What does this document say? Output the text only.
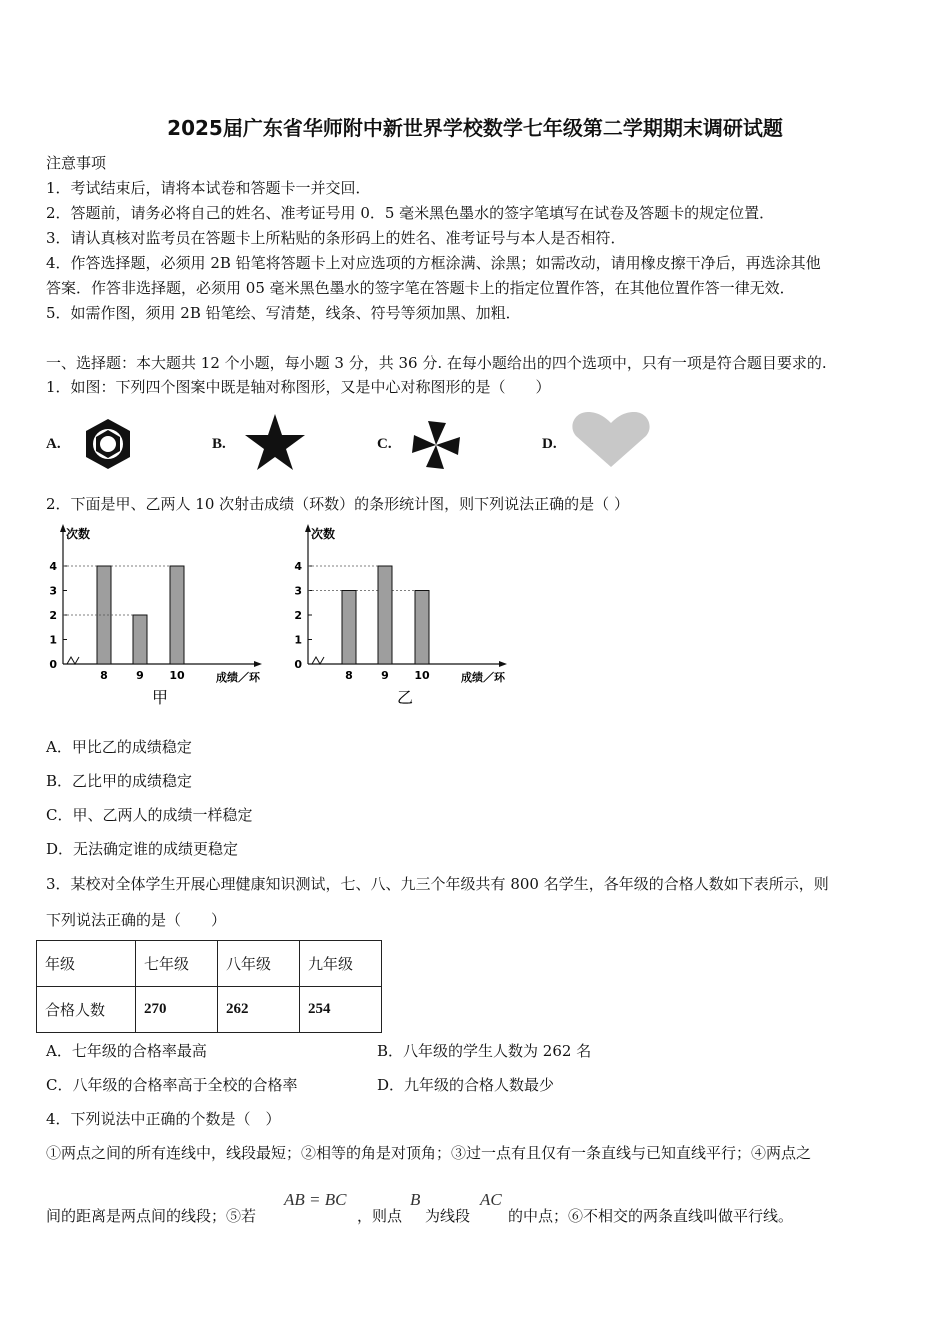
2025届广东省华师附中新世界学校数学七年级第二学期期末调研试题
注意事项
1．考试结束后，请将本试卷和答题卡一并交回．
2．答题前，请务必将自己的姓名、准考证号用 0．5 毫米黑色墨水的签字笔填写在试卷及答题卡的规定位置．
3．请认真核对监考员在答题卡上所粘贴的条形码上的姓名、准考证号与本人是否相符．
4．作答选择题，必须用 2B 铅笔将答题卡上对应选项的方框涂满、涂黑；如需改动，请用橡皮擦干净后，再选涂其他
答案．作答非选择题，必须用 05 毫米黑色墨水的签字笔在答题卡上的指定位置作答，在其他位置作答一律无效．
5．如需作图，须用 2B 铅笔绘、写清楚，线条、符号等须加黑、加粗．
一、选择题：本大题共 12 个小题，每小题 3 分，共 36 分. 在每小题给出的四个选项中，只有一项是符合题目要求的.
1．如图：下列四个图案中既是轴对称图形，又是中心对称图形的是（　　）
A.	B.	C.	D.
2．下面是甲、乙两人 10 次射击成绩（环数）的条形统计图，则下列说法正确的是（ ）
0
1
2
3
4
次数
8	9 10	成绩／环
甲
0
1
2
3
4
次数
8	9 10	成绩／环
乙
A．甲比乙的成绩稳定
B．乙比甲的成绩稳定
C．甲、乙两人的成绩一样稳定
D．无法确定谁的成绩更稳定
3．某校对全体学生开展心理健康知识测试，七、八、九三个年级共有 800 名学生，各年级的合格人数如下表所示，则
下列说法正确的是（　　）
年级	七年级	八年级	九年级
合格人数	270	262	254
A．七年级的合格率最高	B．八年级的学生人数为 262 名
C．八年级的合格率高于全校的合格率	D．九年级的合格人数最少
4．下列说法中正确的个数是（　）
①两点之间的所有连线中，线段最短；②相等的角是对顶角；③过一点有且仅有一条直线与已知直线平行；④两点之
间的距离是两点间的线段；⑤若
AB = BC
，则点
B
为线段
AC
的中点；⑥不相交的两条直线叫做平行线。
